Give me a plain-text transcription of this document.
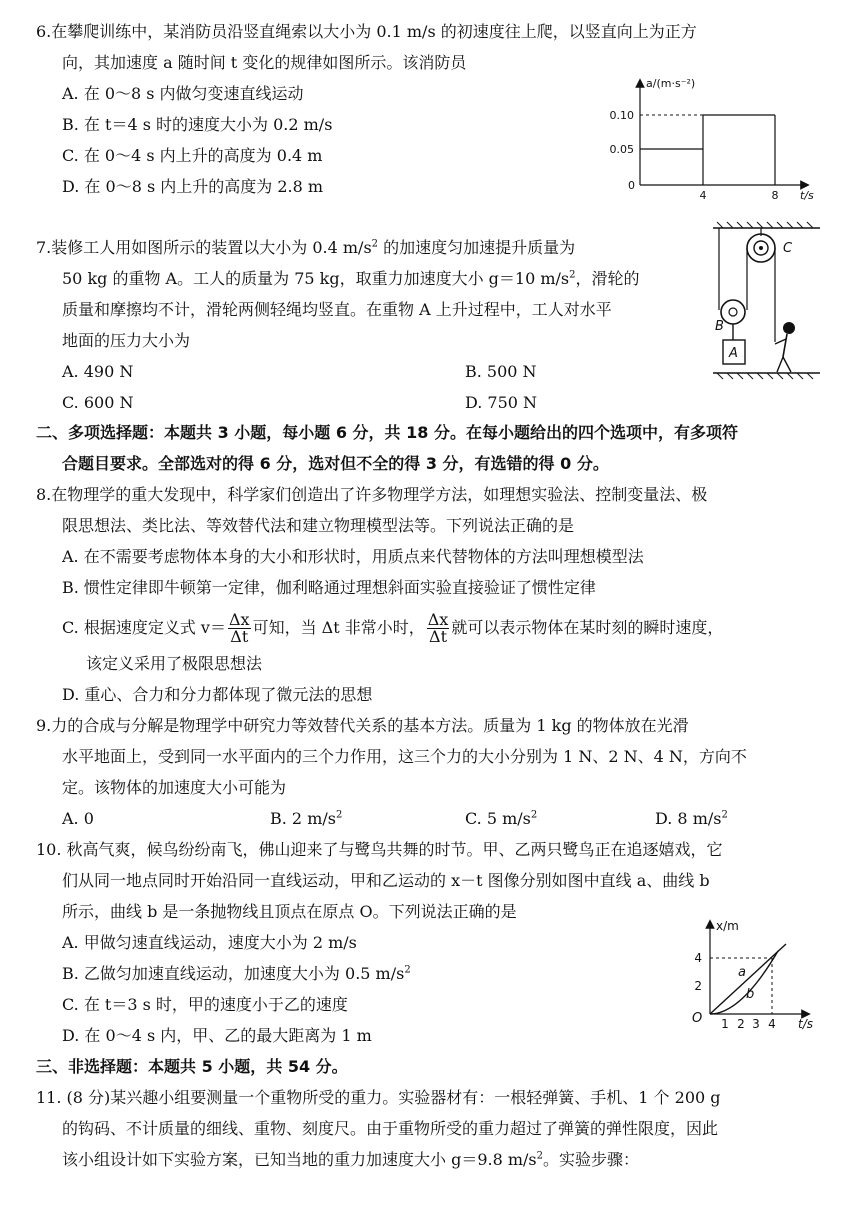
6.在攀爬训练中，某消防员沿竖直绳索以大小为 0.1 m/s 的初速度往上爬，以竖直向上为正方
向，其加速度 a 随时间 t 变化的规律如图所示。该消防员
A. 在 0～8 s 内做匀变速直线运动
B. 在 t＝4 s 时的速度大小为 0.2 m/s
C. 在 0～4 s 内上升的高度为 0.4 m
D. 在 0～8 s 内上升的高度为 2.8 m
a/(m·s⁻²)
0.10
0.05
0
4	8 t/s
7.装修工人用如图所示的装置以大小为 0.4 $m/s^2$ 的加速度匀加速提升质量为
50 kg 的重物 A。工人的质量为 75 kg，取重力加速度大小 g＝10 $m/s^2$，滑轮的
质量和摩擦均不计，滑轮两侧轻绳均竖直。在重物 A 上升过程中，工人对水平
地面的压力大小为
A. 490 N	B. 500 N
C. 600 N	D. 750 N
C
B
A
二、多项选择题：本题共 3 小题，每小题 6 分，共 18 分。在每小题给出的四个选项中，有多项符
合题目要求。全部选对的得 6 分，选对但不全的得 3 分，有选错的得 0 分。
8.在物理学的重大发现中，科学家们创造出了许多物理学方法，如理想实验法、控制变量法、极
限思想法、类比法、等效替代法和建立物理模型法等。下列说法正确的是
A. 在不需要考虑物体本身的大小和形状时，用质点来代替物体的方法叫理想模型法
B. 惯性定律即牛顿第一定律，伽利略通过理想斜面实验直接验证了惯性定律
C. 根据速度定义式 $v= \frac{\Delta x}{\Delta t}$ 可知，当 Δt 非常小时， $\frac{\Delta x}{\Delta t}$ 就可以表示物体在某时刻的瞬时速度，
该定义采用了极限思想法
D. 重心、合力和分力都体现了微元法的思想
9.力的合成与分解是物理学中研究力等效替代关系的基本方法。质量为 1 kg 的物体放在光滑
水平地面上，受到同一水平面内的三个力作用，这三个力的大小分别为 1 N、2 N、4 N，方向不
定。该物体的加速度大小可能为
A. 0	B. 2 $m/s^2$	C. 5 $m/s^2$	D. 8 $m/s^2$
10. 秋高气爽，候鸟纷纷南飞，佛山迎来了与鹭鸟共舞的时节。甲、乙两只鹭鸟正在追逐嬉戏，它
们从同一地点同时开始沿同一直线运动，甲和乙运动的 x－t 图像分别如图中直线 a、曲线 b
所示，曲线 b 是一条抛物线且顶点在原点 O。下列说法正确的是
A. 甲做匀速直线运动，速度大小为 2 m/s
B. 乙做匀加速直线运动，加速度大小为 0.5 $m/s^2$
C. 在 t＝3 s 时，甲的速度小于乙的速度
D. 在 0～4 s 内，甲、乙的最大距离为 1 m
x/m
4
2
O 1 2 3 4 t/s
a
b
三、非选择题：本题共 5 小题，共 54 分。
11. (8 分)某兴趣小组要测量一个重物所受的重力。实验器材有：一根轻弹簧、手机、1 个 200 g
的钩码、不计质量的细线、重物、刻度尺。由于重物所受的重力超过了弹簧的弹性限度，因此
该小组设计如下实验方案，已知当地的重力加速度大小 g＝9.8 $m/s^2$。实验步骤：
